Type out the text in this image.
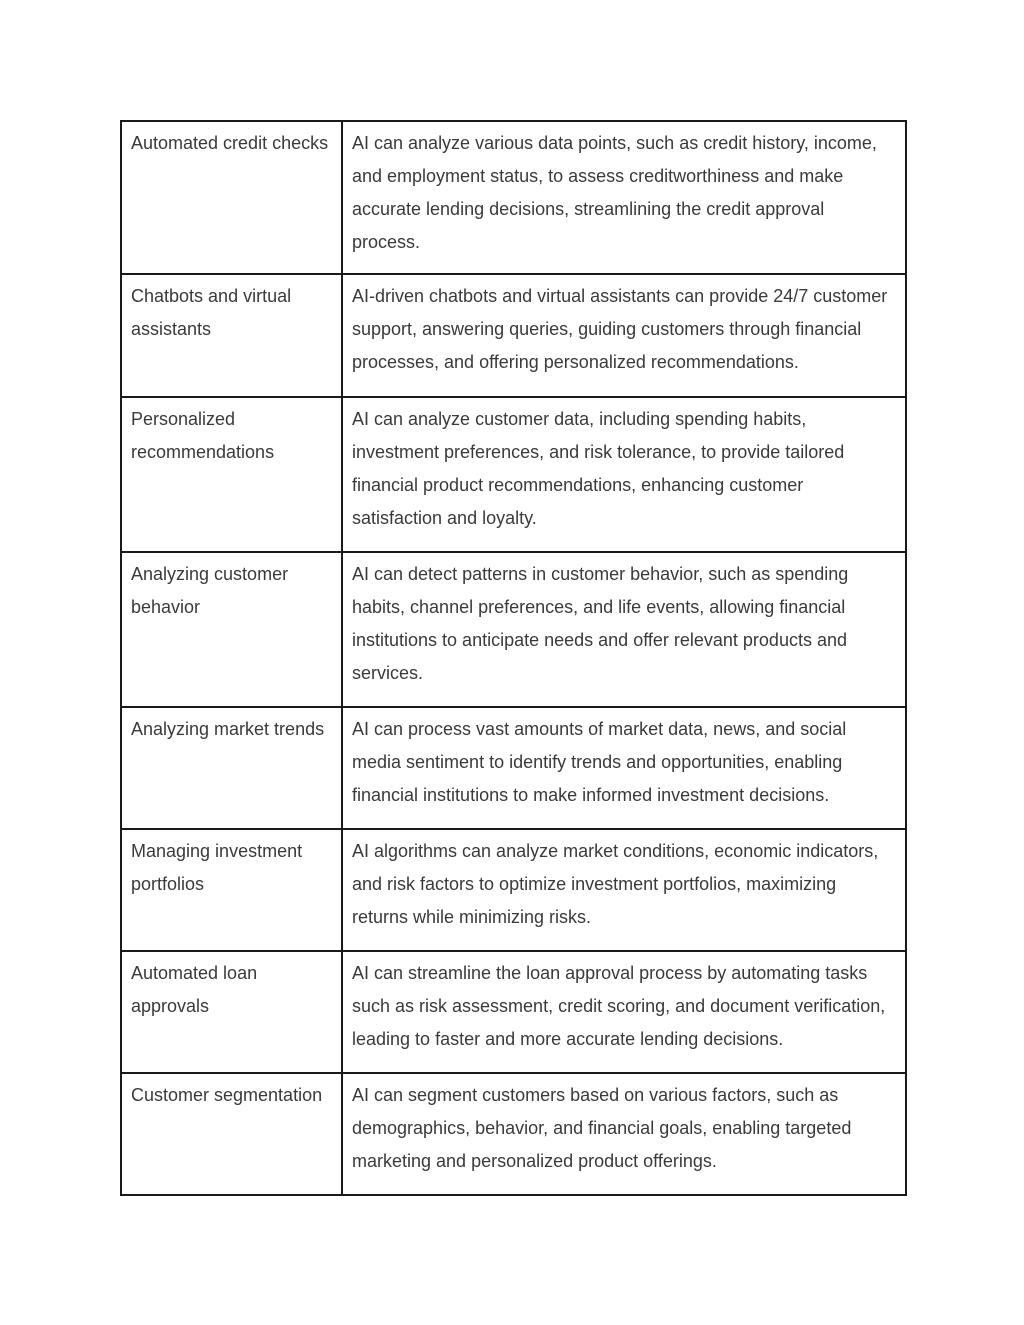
Automated credit checks	AI can analyze various data points, such as credit history, income, and employment status, to assess creditworthiness and make accurate lending decisions, streamlining the credit approval process.
Chatbots and virtual assistants	AI-driven chatbots and virtual assistants can provide 24/7 customer support, answering queries, guiding customers through financial processes, and offering personalized recommendations.
Personalized recommendations	AI can analyze customer data, including spending habits, investment preferences, and risk tolerance, to provide tailored financial product recommendations, enhancing customer satisfaction and loyalty.
Analyzing customer behavior	AI can detect patterns in customer behavior, such as spending habits, channel preferences, and life events, allowing financial institutions to anticipate needs and offer relevant products and services.
Analyzing market trends	AI can process vast amounts of market data, news, and social media sentiment to identify trends and opportunities, enabling financial institutions to make informed investment decisions.
Managing investment portfolios	AI algorithms can analyze market conditions, economic indicators, and risk factors to optimize investment portfolios, maximizing returns while minimizing risks.
Automated loan approvals	AI can streamline the loan approval process by automating tasks such as risk assessment, credit scoring, and document verification, leading to faster and more accurate lending decisions.
Customer segmentation	AI can segment customers based on various factors, such as demographics, behavior, and financial goals, enabling targeted marketing and personalized product offerings.
